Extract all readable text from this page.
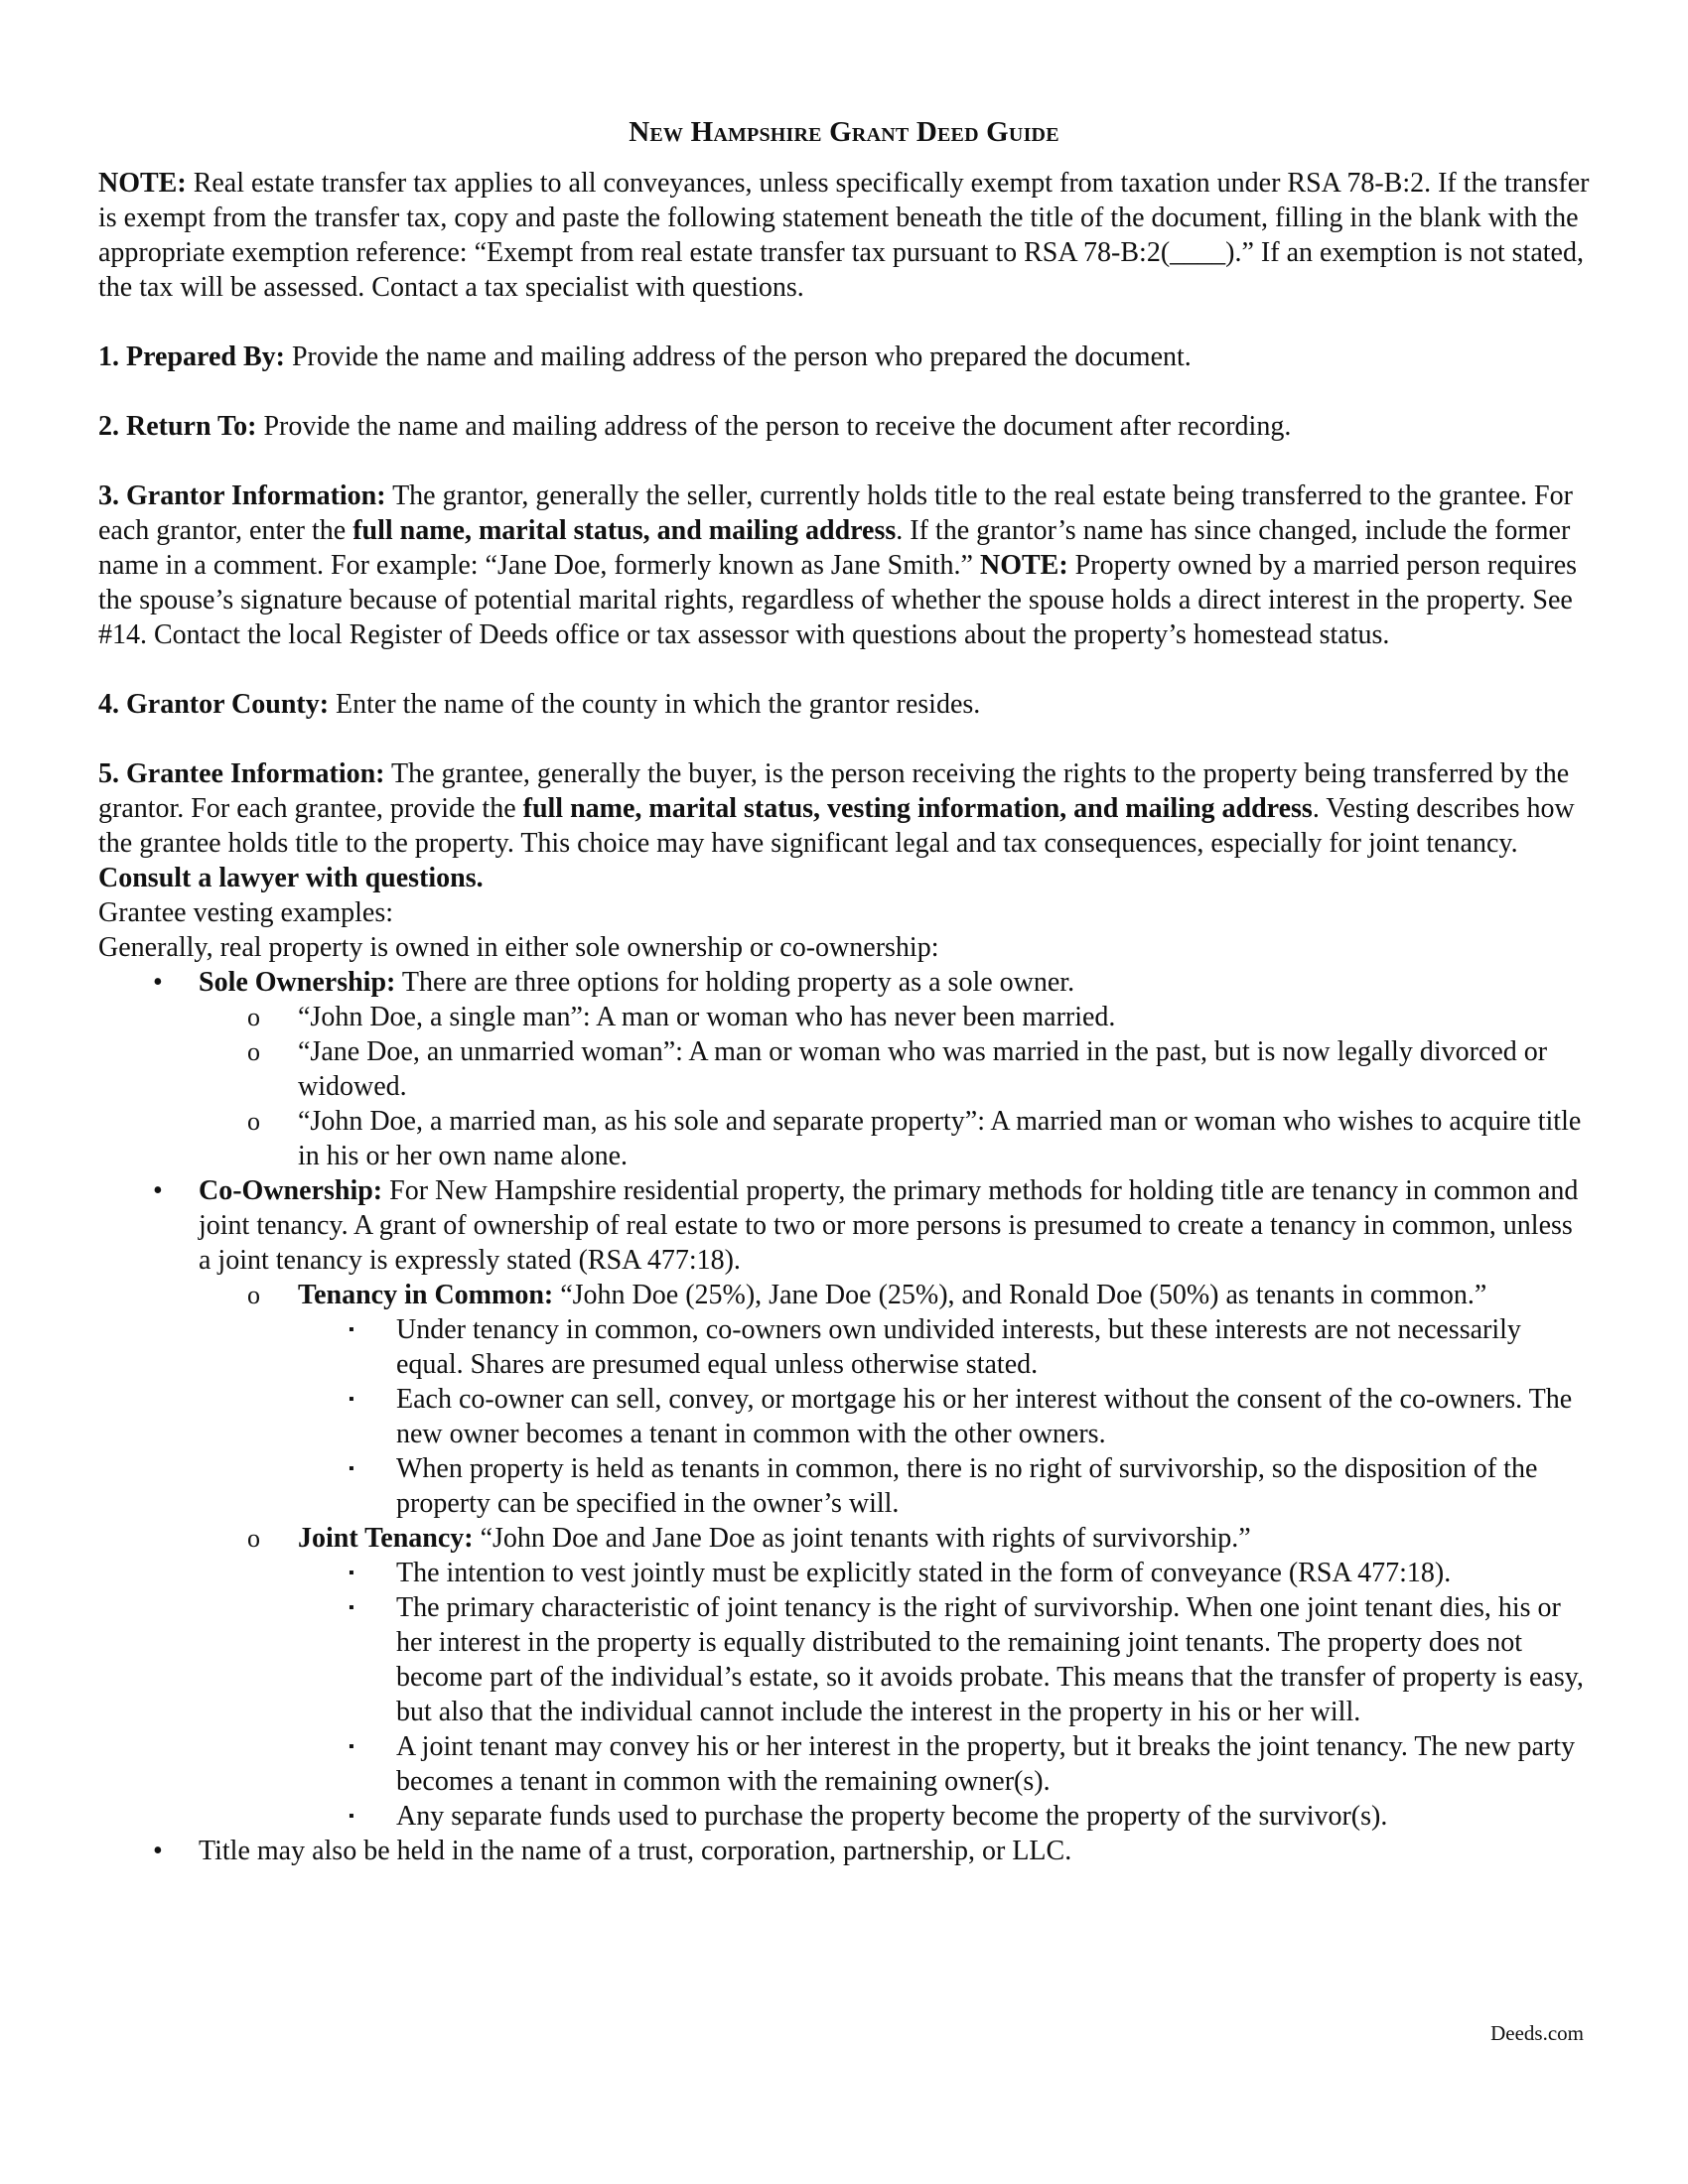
New Hampshire Grant Deed Guide

NOTE: Real estate transfer tax applies to all conveyances, unless specifically exempt from taxation under RSA 78-B:2. If the transfer is exempt from the transfer tax, copy and paste the following statement beneath the title of the document, filling in the blank with the appropriate exemption reference: “Exempt from real estate transfer tax pursuant to RSA 78-B:2(____).” If an exemption is not stated, the tax will be assessed. Contact a tax specialist with questions.

1. Prepared By: Provide the name and mailing address of the person who prepared the document.

2. Return To: Provide the name and mailing address of the person to receive the document after recording.

3. Grantor Information: The grantor, generally the seller, currently holds title to the real estate being transferred to the grantee. For each grantor, enter the full name, marital status, and mailing address. If the grantor’s name has since changed, include the former name in a comment. For example: “Jane Doe, formerly known as Jane Smith.” NOTE: Property owned by a married person requires the spouse’s signature because of potential marital rights, regardless of whether the spouse holds a direct interest in the property. See #14. Contact the local Register of Deeds office or tax assessor with questions about the property’s homestead status.

4. Grantor County: Enter the name of the county in which the grantor resides.

5. Grantee Information: The grantee, generally the buyer, is the person receiving the rights to the property being transferred by the grantor. For each grantee, provide the full name, marital status, vesting information, and mailing address. Vesting describes how the grantee holds title to the property. This choice may have significant legal and tax consequences, especially for joint tenancy. Consult a lawyer with questions.

Grantee vesting examples:

Generally, real property is owned in either sole ownership or co-ownership:

• Sole Ownership: There are three options for holding property as a sole owner.
o “John Doe, a single man”: A man or woman who has never been married.
o “Jane Doe, an unmarried woman”: A man or woman who was married in the past, but is now legally divorced or widowed.
o “John Doe, a married man, as his sole and separate property”: A married man or woman who wishes to acquire title in his or her own name alone.
• Co-Ownership: For New Hampshire residential property, the primary methods for holding title are tenancy in common and joint tenancy. A grant of ownership of real estate to two or more persons is presumed to create a tenancy in common, unless a joint tenancy is expressly stated (RSA 477:18).
o Tenancy in Common: “John Doe (25%), Jane Doe (25%), and Ronald Doe (50%) as tenants in common.”
▪ Under tenancy in common, co-owners own undivided interests, but these interests are not necessarily equal. Shares are presumed equal unless otherwise stated.
▪ Each co-owner can sell, convey, or mortgage his or her interest without the consent of the co-owners. The new owner becomes a tenant in common with the other owners.
▪ When property is held as tenants in common, there is no right of survivorship, so the disposition of the property can be specified in the owner’s will.
o Joint Tenancy: “John Doe and Jane Doe as joint tenants with rights of survivorship.”
▪ The intention to vest jointly must be explicitly stated in the form of conveyance (RSA 477:18).
▪ The primary characteristic of joint tenancy is the right of survivorship. When one joint tenant dies, his or her interest in the property is equally distributed to the remaining joint tenants. The property does not become part of the individual’s estate, so it avoids probate. This means that the transfer of property is easy, but also that the individual cannot include the interest in the property in his or her will.
▪ A joint tenant may convey his or her interest in the property, but it breaks the joint tenancy. The new party becomes a tenant in common with the remaining owner(s).
▪ Any separate funds used to purchase the property become the property of the survivor(s).
• Title may also be held in the name of a trust, corporation, partnership, or LLC.
Deeds.com
